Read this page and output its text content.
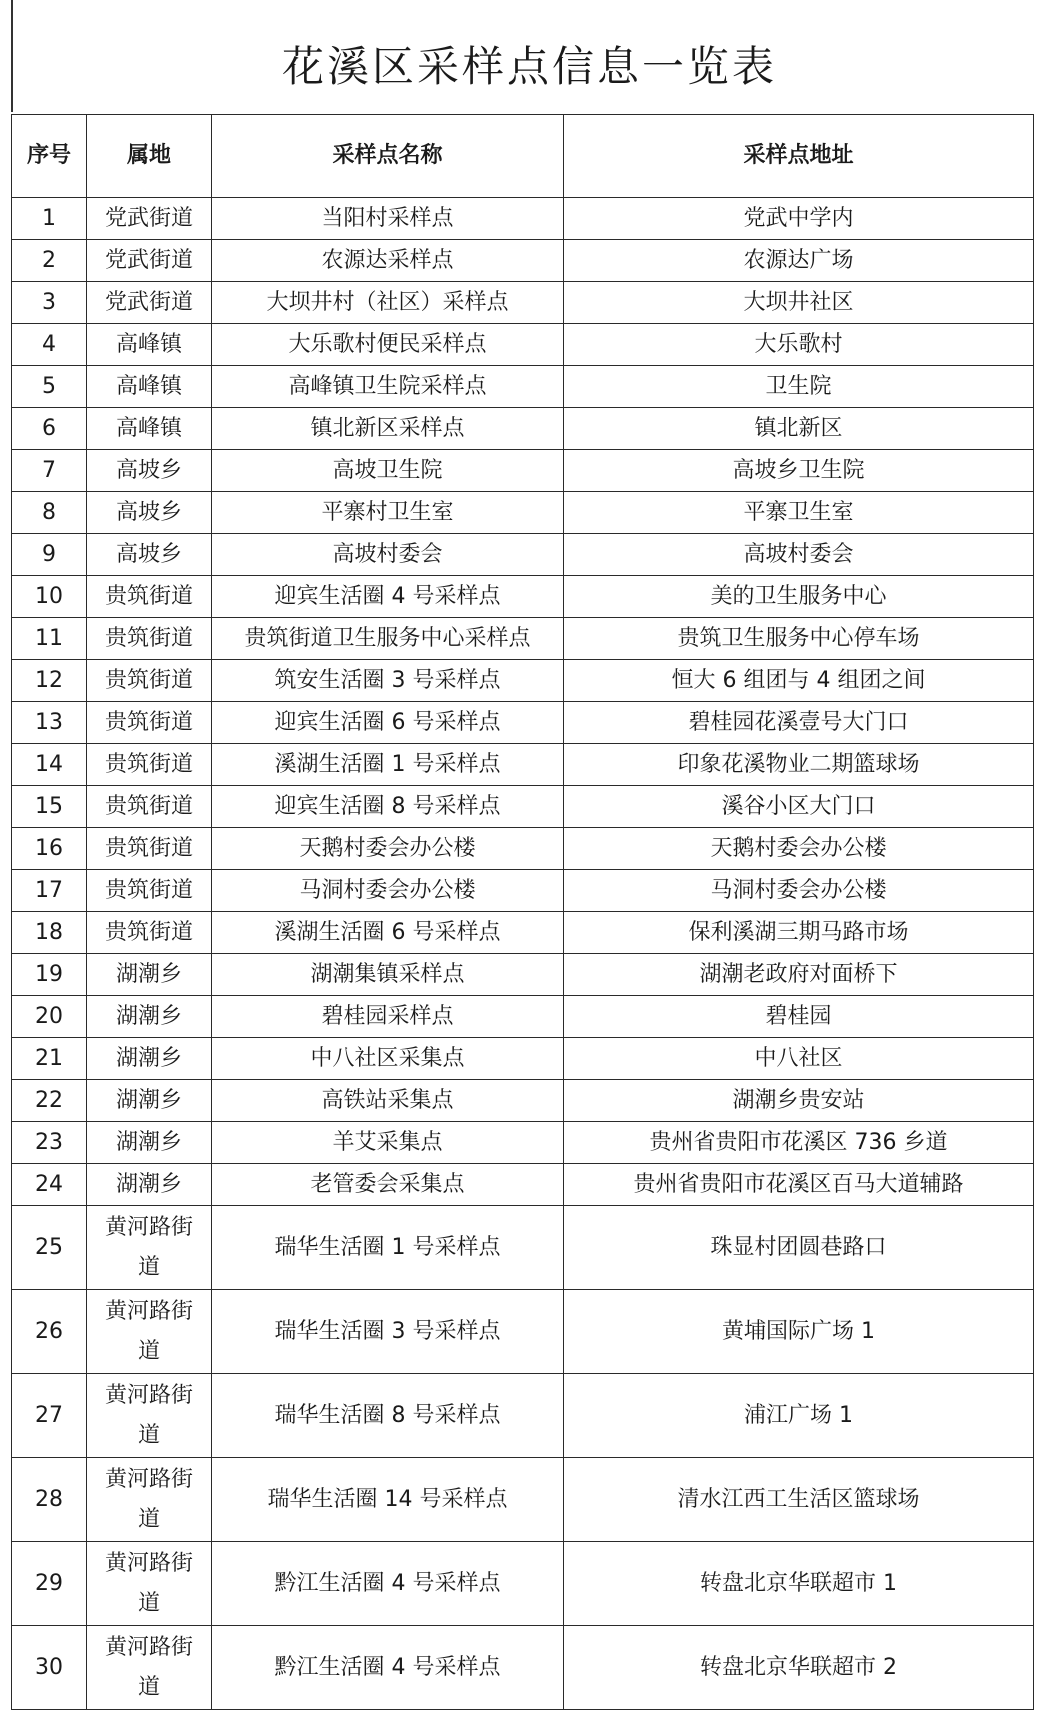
花溪区采样点信息一览表
序号	属地	采样点名称	采样点地址
1	党武街道	当阳村采样点	党武中学内
2	党武街道	农源达采样点	农源达广场
3	党武街道	大坝井村（社区）采样点	大坝井社区
4	高峰镇	大乐歌村便民采样点	大乐歌村
5	高峰镇	高峰镇卫生院采样点	卫生院
6	高峰镇	镇北新区采样点	镇北新区
7	高坡乡	高坡卫生院	高坡乡卫生院
8	高坡乡	平寨村卫生室	平寨卫生室
9	高坡乡	高坡村委会	高坡村委会
10	贵筑街道	迎宾生活圈 4 号采样点	美的卫生服务中心
11	贵筑街道	贵筑街道卫生服务中心采样点	贵筑卫生服务中心停车场
12	贵筑街道	筑安生活圈 3 号采样点	恒大 6 组团与 4 组团之间
13	贵筑街道	迎宾生活圈 6 号采样点	碧桂园花溪壹号大门口
14	贵筑街道	溪湖生活圈 1 号采样点	印象花溪物业二期篮球场
15	贵筑街道	迎宾生活圈 8 号采样点	溪谷小区大门口
16	贵筑街道	天鹅村委会办公楼	天鹅村委会办公楼
17	贵筑街道	马洞村委会办公楼	马洞村委会办公楼
18	贵筑街道	溪湖生活圈 6 号采样点	保利溪湖三期马路市场
19	湖潮乡	湖潮集镇采样点	湖潮老政府对面桥下
20	湖潮乡	碧桂园采样点	碧桂园
21	湖潮乡	中八社区采集点	中八社区
22	湖潮乡	高铁站采集点	湖潮乡贵安站
23	湖潮乡	羊艾采集点	贵州省贵阳市花溪区 736 乡道
24	湖潮乡	老管委会采集点	贵州省贵阳市花溪区百马大道辅路
25	黄河路街道	瑞华生活圈 1 号采样点	珠显村团圆巷路口
26	黄河路街道	瑞华生活圈 3 号采样点	黄埔国际广场 1
27	黄河路街道	瑞华生活圈 8 号采样点	浦江广场 1
28	黄河路街道	瑞华生活圈 14 号采样点	清水江西工生活区篮球场
29	黄河路街道	黔江生活圈 4 号采样点	转盘北京华联超市 1
30	黄河路街道	黔江生活圈 4 号采样点	转盘北京华联超市 2
